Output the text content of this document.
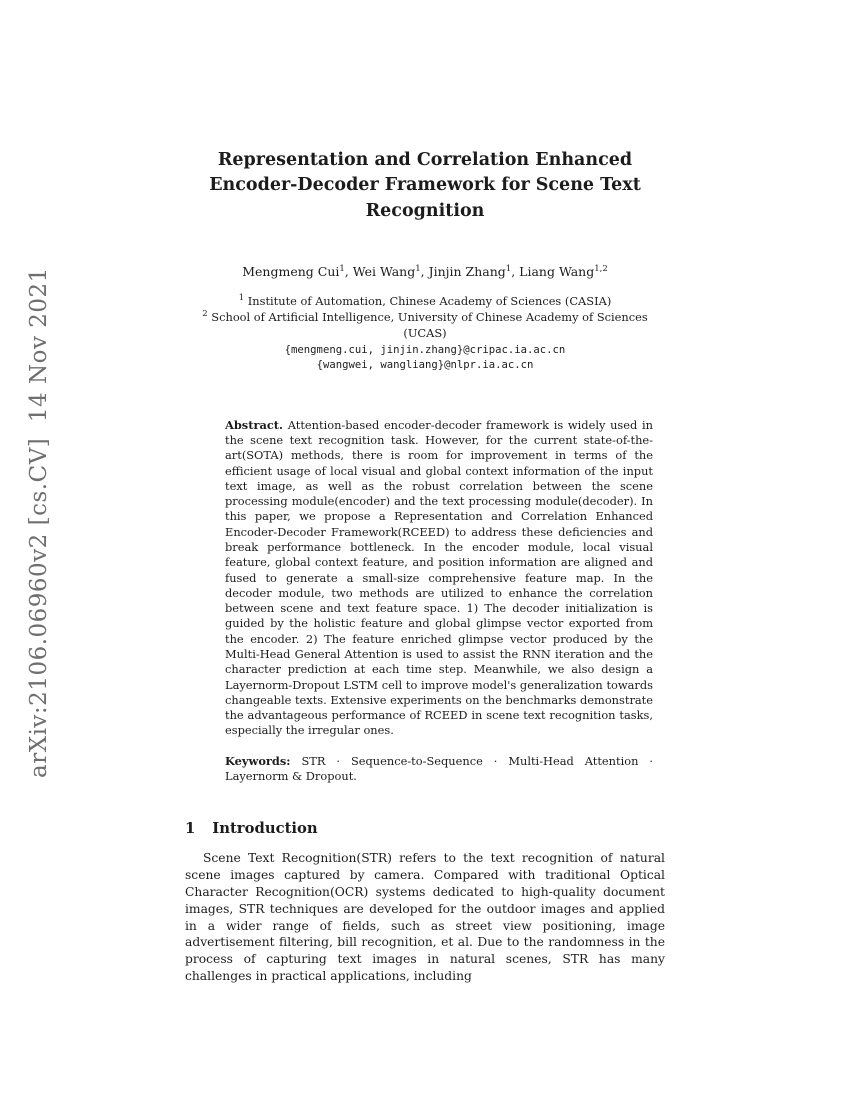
arXiv:2106.06960v2 [cs.CV]  14 Nov 2021
Representation and Correlation Enhanced Encoder-Decoder Framework for Scene Text Recognition

Mengmeng Cui$^1$, Wei Wang$^1$, Jinjin Zhang$^1$, Liang Wang$^{1,2}$

$^1$ Institute of Automation, Chinese Academy of Sciences (CASIA)
$^2$ School of Artificial Intelligence, University of Chinese Academy of Sciences (UCAS)
{mengmeng.cui, jinjin.zhang}@cripac.ia.ac.cn
{wangwei, wangliang}@nlpr.ia.ac.cn

Abstract. Attention-based encoder-decoder framework is widely used in the scene text recognition task. However, for the current state-of-the-art(SOTA) methods, there is room for improvement in terms of the efficient usage of local visual and global context information of the input text image, as well as the robust correlation between the scene processing module(encoder) and the text processing module(decoder). In this paper, we propose a Representation and Correlation Enhanced Encoder-Decoder Framework(RCEED) to address these deficiencies and break performance bottleneck. In the encoder module, local visual feature, global context feature, and position information are aligned and fused to generate a small-size comprehensive feature map. In the decoder module, two methods are utilized to enhance the correlation between scene and text feature space. 1) The decoder initialization is guided by the holistic feature and global glimpse vector exported from the encoder. 2) The feature enriched glimpse vector produced by the Multi-Head General Attention is used to assist the RNN iteration and the character prediction at each time step. Meanwhile, we also design a Layernorm-Dropout LSTM cell to improve model's generalization towards changeable texts. Extensive experiments on the benchmarks demonstrate the advantageous performance of RCEED in scene text recognition tasks, especially the irregular ones.

Keywords: STR · Sequence-to-Sequence · Multi-Head Attention · Layernorm & Dropout.

1 Introduction

Scene Text Recognition(STR) refers to the text recognition of natural scene images captured by camera. Compared with traditional Optical Character Recognition(OCR) systems dedicated to high-quality document images, STR techniques are developed for the outdoor images and applied in a wider range of fields, such as street view positioning, image advertisement filtering, bill recognition, et al. Due to the randomness in the process of capturing text images in natural scenes, STR has many challenges in practical applications, including
